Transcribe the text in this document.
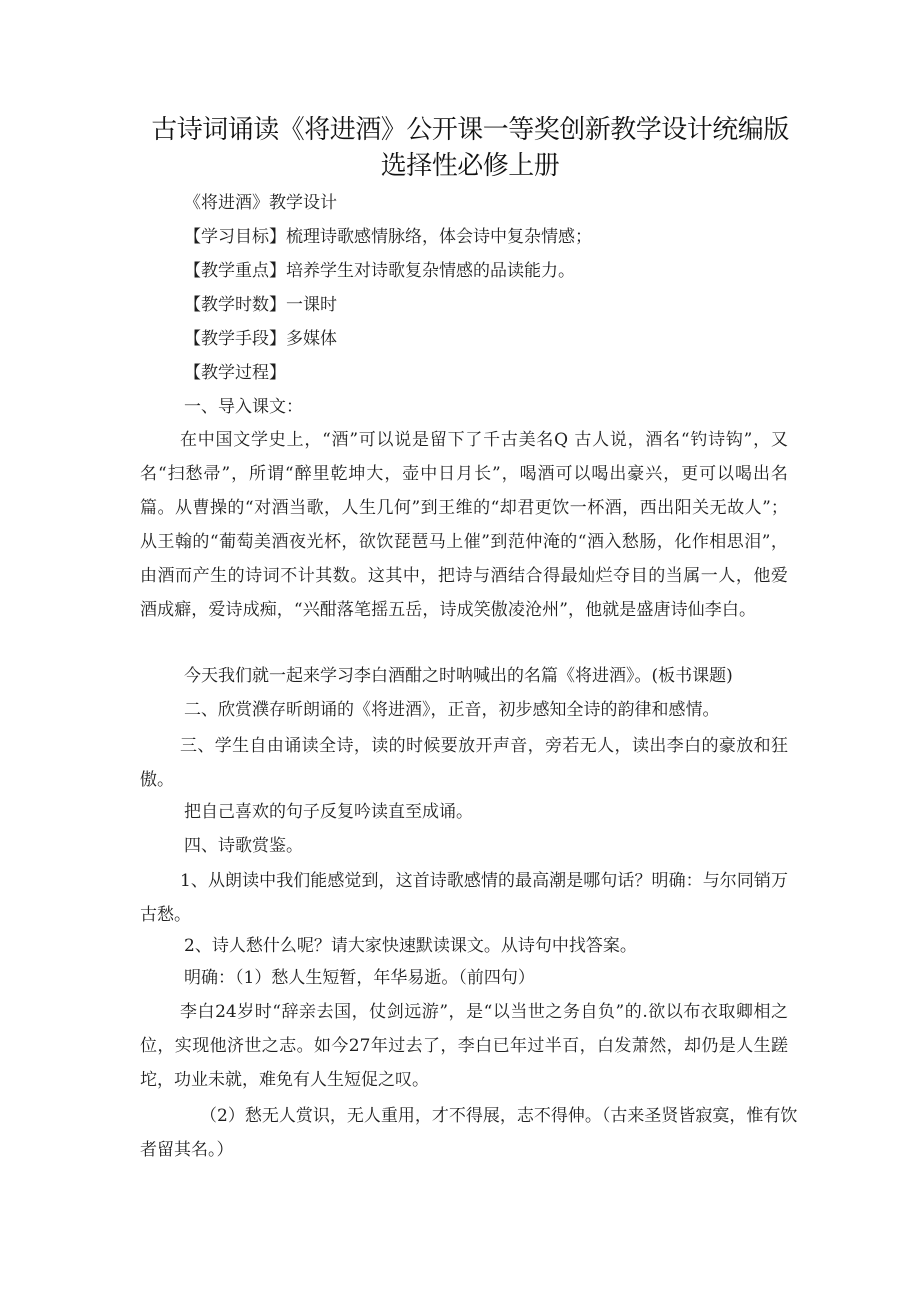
古诗词诵读《将进酒》公开课一等奖创新教学设计统编版选择性必修上册
《将进酒》教学设计
【学习目标】梳理诗歌感情脉络，体会诗中复杂情感；
【教学重点】培养学生对诗歌复杂情感的品读能力。
【教学时数】一课时
【教学手段】多媒体
【教学过程】
一、导入课文：
在中国文学史上，“酒”可以说是留下了千古美名Q 古人说，酒名“钓诗钩”，又名“扫愁帚”，所谓“醉里乾坤大，壶中日月长”，喝酒可以喝出豪兴，更可以喝出名篇。从曹操的“对酒当歌，人生几何”到王维的“却君更饮一杯酒，西出阳关无故人”；从王翰的“葡萄美酒夜光杯，欲饮琵琶马上催”到范仲淹的“酒入愁肠，化作相思泪”，由酒而产生的诗词不计其数。这其中，把诗与酒结合得最灿烂夺目的当属一人，他爱酒成癖，爱诗成痴，“兴酣落笔摇五岳，诗成笑傲凌沧州”，他就是盛唐诗仙李白。
今天我们就一起来学习李白酒酣之时呐喊出的名篇《将进酒》。(板书课题)
二、欣赏濮存昕朗诵的《将进酒》，正音，初步感知全诗的韵律和感情。
三、学生自由诵读全诗，读的时候要放开声音，旁若无人，读出李白的豪放和狂傲。
把自己喜欢的句子反复吟读直至成诵。
四、诗歌赏鉴。
1、从朗读中我们能感觉到，这首诗歌感情的最高潮是哪句话？明确：与尔同销万古愁。
2、诗人愁什么呢？请大家快速默读课文。从诗句中找答案。
明确：（1）愁人生短暂，年华易逝。（前四句）
李白24岁时“辞亲去国，仗剑远游”，是“以当世之务自负”的.欲以布衣取卿相之位，实现他济世之志。如今27年过去了，李白已年过半百，白发萧然，却仍是人生蹉坨，功业未就，难免有人生短促之叹。
（2）愁无人赏识，无人重用，才不得展，志不得伸。（古来圣贤皆寂寞，惟有饮者留其名。）
